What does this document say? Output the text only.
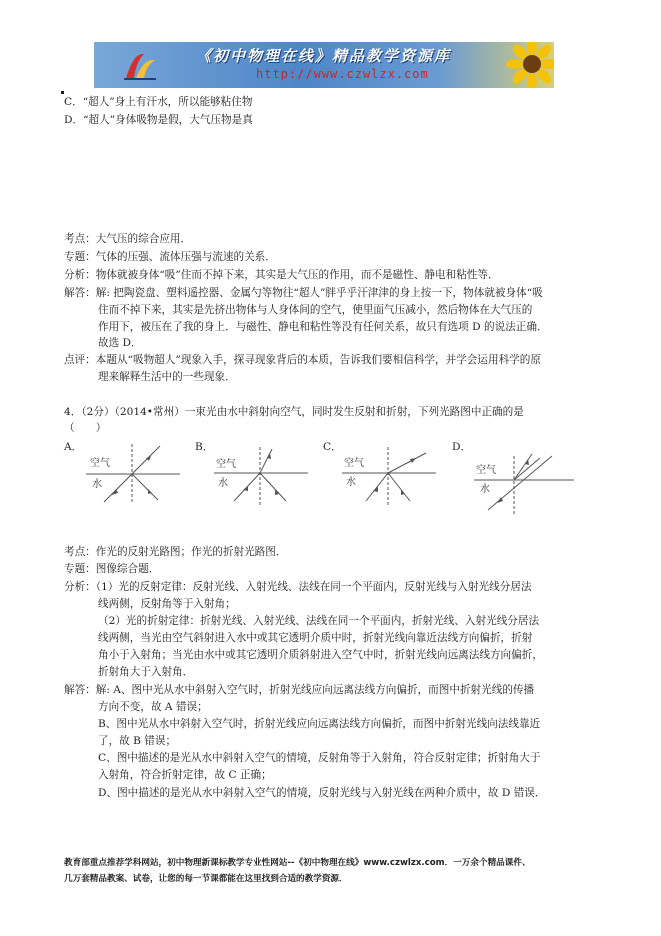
《初中物理在线》精品教学资源库
http://www.czwlzx.com
C．“超人”身上有汗水，所以能够粘住物
D．“超人”身体吸物是假，大气压物是真
考点：大气压的综合应用．
专题：气体的压强、流体压强与流速的关系．
分析：物体就被身体“吸”住而不掉下来，其实是大气压的作用，而不是磁性、静电和粘性等．
解答：解: 把陶瓷盘、塑料遥控器、金属勺等物往“超人”胖乎乎汗津津的身上按一下，物体就被身体“吸
住而不掉下来，其实是先挤出物体与人身体间的空气，使里面气压减小，然后物体在大气压的
作用下，被压在了我的身上．与磁性、静电和粘性等没有任何关系，故只有选项 D 的说法正确．
故选 D．
点评：本题从“吸物超人”现象入手，探寻现象背后的本质，告诉我们要相信科学，并学会运用科学的原
理来解释生活中的一些现象．
4．（2分）（2014•常州）一束光由水中斜射向空气，同时发生反射和折射，下列光路图中正确的是
（　　）
A．	B．	C．	D．
空气
水
空气
水
空气
水
空气
水
考点：作光的反射光路图；作光的折射光路图．
专题：图像综合题．
分析：（1）光的反射定律：反射光线、入射光线、法线在同一个平面内，反射光线与入射光线分居法
线两侧，反射角等于入射角；
（2）光的折射定律：折射光线、入射光线、法线在同一个平面内，折射光线、入射光线分居法
线两侧，当光由空气斜射进入水中或其它透明介质中时，折射光线向靠近法线方向偏折，折射
角小于入射角；当光由水中或其它透明介质斜射进入空气中时，折射光线向远离法线方向偏折，
折射角大于入射角．
解答：解: A、图中光从水中斜射入空气时，折射光线应向远离法线方向偏折，而图中折射光线的传播
方向不变，故 A 错误；
B、图中光从水中斜射入空气时，折射光线应向远离法线方向偏折，而图中折射光线向法线靠近
了，故 B 错误；
C、图中描述的是光从水中斜射入空气的情境，反射角等于入射角，符合反射定律；折射角大于
入射角，符合折射定律，故 C 正确；
D、图中描述的是光从水中斜射入空气的情境，反射光线与入射光线在两种介质中，故 D 错误．
教育部重点推荐学科网站，初中物理新课标教学专业性网站--《初中物理在线》www.czwlzx.com．一万余个精品课件、
几万套精品教案、试卷，让您的每一节课都能在这里找到合适的教学资源．
